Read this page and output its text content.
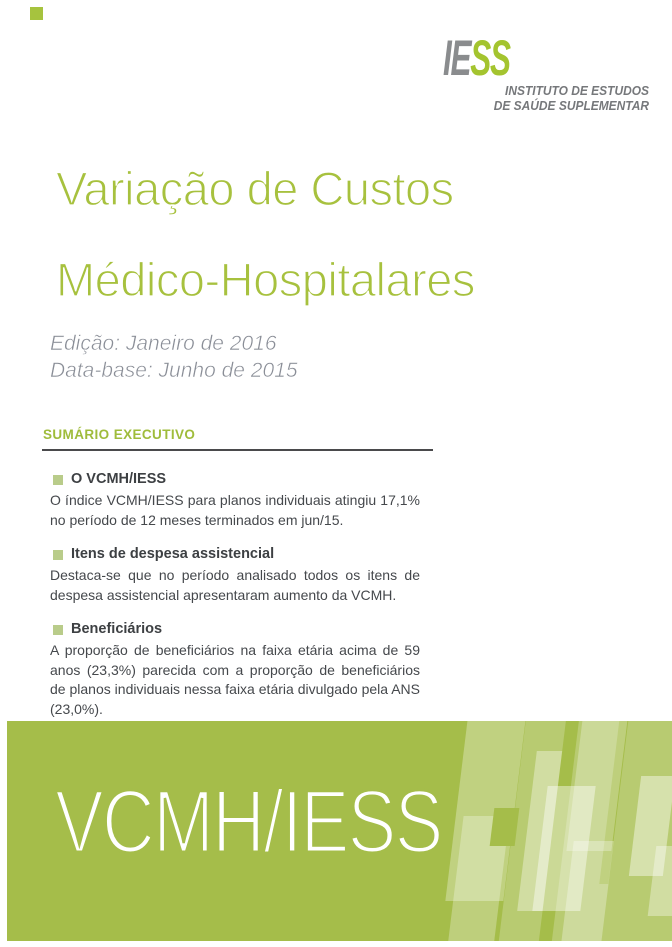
IESS
INSTITUTO DE ESTUDOS
DE SAÚDE SUPLEMENTAR
Variação de Custos
Médico-Hospitalares
Edição: Janeiro de 2016
Data-base: Junho de 2015
SUMÁRIO EXECUTIVO
O VCMH/IESS
O índice VCMH/IESS para planos individuais atingiu 17,1% no período de 12 meses terminados em jun/15.
Itens de despesa assistencial
Destaca-se que no período analisado todos os itens de despesa assistencial apresentaram aumento da VCMH.
Beneficiários
A proporção de beneficiários na faixa etária acima de 59 anos (23,3%) parecida com a proporção de beneficiários de planos individuais nessa faixa etária divulgado pela ANS (23,0%).
VCMH/IESS
